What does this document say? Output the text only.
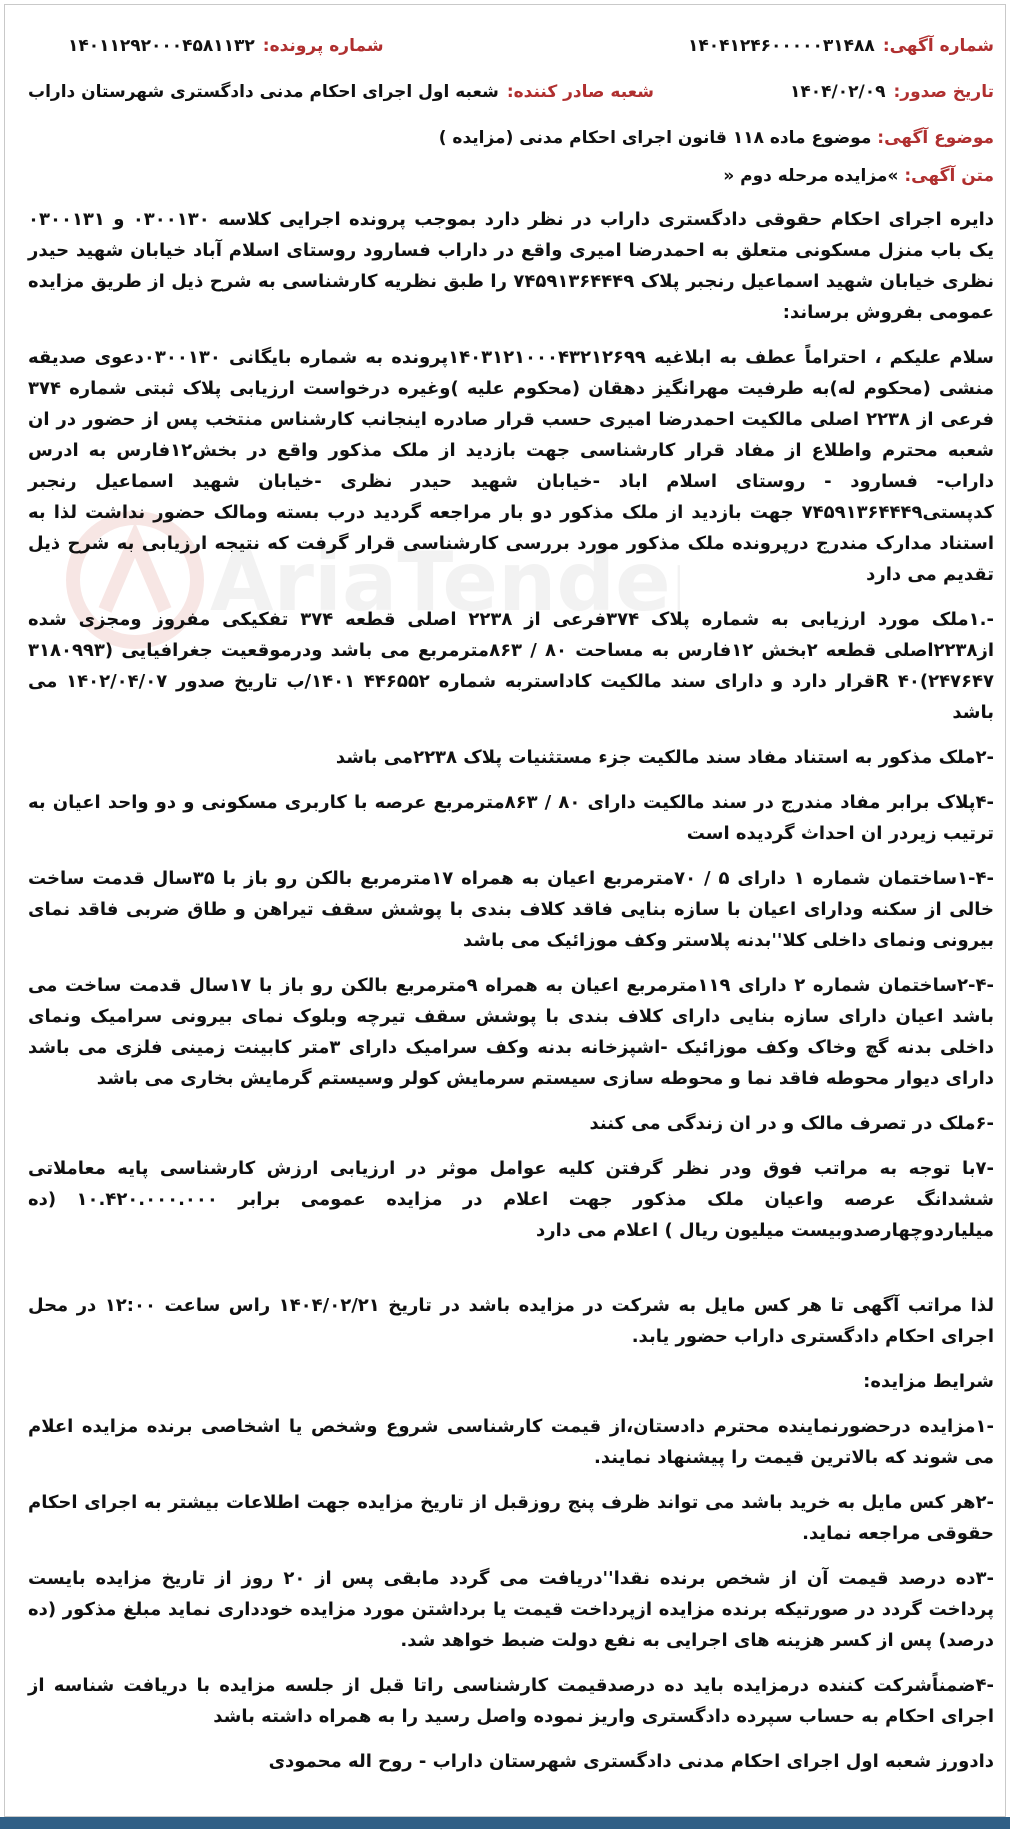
AriaTende
شماره آگهی:
۱۴۰۴۱۲۴۶۰۰۰۰۰۳۱۴۸۸
شماره پرونده:
۱۴۰۱۱۲۹۲۰۰۰۴۵۸۱۱۳۲
تاریخ صدور:
۱۴۰۴/۰۲/۰۹
شعبه صادر کننده:
شعبه اول اجرای احکام مدنی دادگستری شهرستان داراب
موضوع آگهی: موضوع ماده ۱۱۸ قانون اجرای احکام مدنی (مزایده )
متن آگهی: »مزایده مرحله دوم «

دایره اجرای احکام حقوقی دادگستری داراب در نظر دارد بموجب پرونده اجرایی کلاسه ۰۳۰۰۱۳۰ و ۰۳۰۰۱۳۱ یک باب منزل مسکونی متعلق به احمدرضا امیری واقع در داراب فسارود روستای اسلام آباد خیابان شهید حیدر نظری خیابان شهید اسماعیل رنجبر پلاک ۷۴۵۹۱۳۶۴۴۴۹ را طبق نظریه کارشناسی به شرح ذیل از طریق مزایده عمومی بفروش برساند:

سلام علیکم ، احتراماً عطف به ابلاغیه ۱۴۰۳۱۲۱۰۰۰۴۳۲۱۲۶۹۹پرونده به شماره بایگانی ۰۳۰۰۱۳۰دعوی صدیقه منشی (محکوم له)به طرفیت مهرانگیز دهقان (محکوم علیه )وغیره درخواست ارزیابی پلاک ثبتی شماره ۳۷۴ فرعی از ۲۲۳۸ اصلی مالکیت احمدرضا امیری حسب قرار صادره اینجانب کارشناس منتخب پس از حضور در ان شعبه محترم واطلاع از مفاد قرار کارشناسی جهت بازدید از ملک مذکور واقع در بخش۱۲فارس به ادرس داراب- فسارود - روستای اسلام اباد -خیابان شهید حیدر نظری -خیابان شهید اسماعیل رنجبر کدپستی۷۴۵۹۱۳۶۴۴۴۹ جهت بازدید از ملک مذکور دو بار مراجعه گردید درب بسته ومالک حضور نداشت لذا به استناد مدارک مندرج درپرونده ملک مذکور مورد بررسی کارشناسی قرار گرفت که نتیجه ارزیابی به شرح ذیل تقدیم می دارد

-.۱ملک مورد ارزیابی به شماره پلاک ۳۷۴فرعی از ۲۲۳۸ اصلی قطعه ۳۷۴ تفکیکی مفروز ومجزی شده از۲۲۳۸اصلی قطعه ۲بخش ۱۲فارس به مساحت ۸۰ / ۸۶۳مترمربع می باشد ودرموقعیت جغرافیایی (۳۱۸۰۹۹۳ ۲۴۷۶۴۷)R ۴۰قرار دارد و دارای سند مالکیت کاداستربه شماره ۴۴۶۵۵۲ ۱۴۰۱/ب تاریخ صدور ۱۴۰۲/۰۴/۰۷ می باشد

-۲ملک مذکور به استناد مفاد سند مالکیت جزء مستثنیات پلاک ۲۲۳۸می باشد

-۴پلاک برابر مفاد مندرج در سند مالکیت دارای ۸۰ / ۸۶۳مترمربع عرصه با کاربری مسکونی و دو واحد اعیان به ترتیب زیردر ان احداث گردیده است

-۱-۴ساختمان شماره ۱ دارای ۵ / ۷۰مترمربع اعیان به همراه ۱۷مترمربع بالکن رو باز با ۳۵سال قدمت ساخت خالی از سکنه ودارای اعیان با سازه بنایی فاقد کلاف بندی با پوشش سقف تیراهن و طاق ضربی فاقد نمای بیرونی ونمای داخلی کلا''بدنه پلاستر وکف موزائیک می باشد

-۲-۴ساختمان شماره ۲ دارای ۱۱۹مترمربع اعیان به همراه ۹مترمربع بالکن رو باز با ۱۷سال قدمت ساخت می باشد اعیان دارای سازه بنایی دارای کلاف بندی با پوشش سقف تیرچه وبلوک نمای بیرونی سرامیک ونمای داخلی بدنه گچ وخاک وکف موزائیک -اشپزخانه بدنه وکف سرامیک دارای ۳متر کابینت زمینی فلزی می باشد دارای دیوار محوطه فاقد نما و محوطه سازی سیستم سرمایش کولر وسیستم گرمایش بخاری می باشد

-۶ملک در تصرف مالک و در ان زندگی می کنند

-۷با توجه به مراتب فوق ودر نظر گرفتن کلیه عوامل موثر در ارزیابی ارزش کارشناسی پایه معاملاتی ششدانگ عرصه واعیان ملک مذکور جهت اعلام در مزایده عمومی برابر ۱۰.۴۲۰.۰۰۰.۰۰۰ (ده میلیاردوچهارصدوبیست میلیون ریال ) اعلام می دارد

لذا مراتب آگهی تا هر کس مایل به شرکت در مزایده باشد در تاریخ ۱۴۰۴/۰۲/۲۱ راس ساعت ۱۲:۰۰ در محل اجرای احکام دادگستری داراب حضور یابد.

شرایط مزایده:

-۱مزایده درحضورنماینده محترم دادستان،از قیمت کارشناسی شروع وشخص یا اشخاصی برنده مزایده اعلام می شوند که بالاترین قیمت را پیشنهاد نمایند.

-۲هر کس مایل به خرید باشد می تواند ظرف پنج روزقبل از تاریخ مزایده جهت اطلاعات بیشتر به اجرای احکام حقوقی مراجعه نماید.

-۳ده درصد قیمت آن از شخص برنده نقدا''دریافت می گردد مابقی پس از ۲۰ روز از تاریخ مزایده بایست پرداخت گردد در صورتیکه برنده مزایده ازپرداخت قیمت یا برداشتن مورد مزایده خودداری نماید مبلغ مذکور (ده درصد) پس از کسر هزینه های اجرایی به نفع دولت ضبط خواهد شد.

-۴ضمناًشرکت کننده درمزایده باید ده درصدقیمت کارشناسی راتا قبل از جلسه مزایده با دریافت شناسه از اجرای احکام به حساب سپرده دادگستری واریز نموده واصل رسید را به همراه داشته باشد

دادورز شعبه اول اجرای احکام مدنی دادگستری شهرستان داراب - روح اله محمودی
